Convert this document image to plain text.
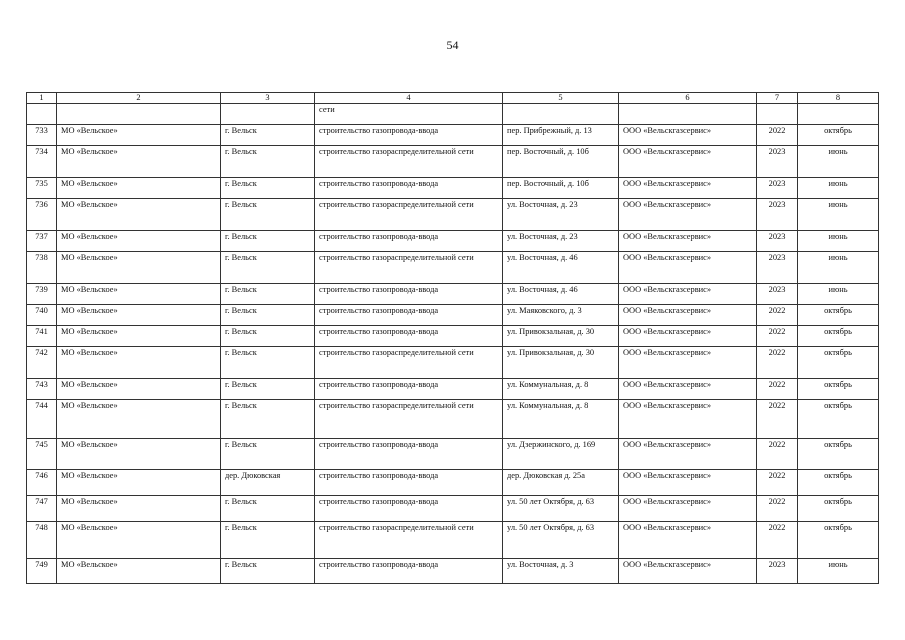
54
1	2	3	4	5	6	7	8
			сети				
733	МО «Вельское»	г. Вельск	строительство газопровода-ввода	пер. Прибрежный, д. 13	ООО «Вельскгазсервис»	2022	октябрь
734	МО «Вельское»	г. Вельск	строительство газораспределительной сети	пер. Восточный, д. 10б	ООО «Вельскгазсервис»	2023	июнь
735	МО «Вельское»	г. Вельск	строительство газопровода-ввода	пер. Восточный, д. 10б	ООО «Вельскгазсервис»	2023	июнь
736	МО «Вельское»	г. Вельск	строительство газораспределительной сети	ул. Восточная, д. 23	ООО «Вельскгазсервис»	2023	июнь
737	МО «Вельское»	г. Вельск	строительство газопровода-ввода	ул. Восточная, д. 23	ООО «Вельскгазсервис»	2023	июнь
738	МО «Вельское»	г. Вельск	строительство газораспределительной сети	ул. Восточная, д. 46	ООО «Вельскгазсервис»	2023	июнь
739	МО «Вельское»	г. Вельск	строительство газопровода-ввода	ул. Восточная, д. 46	ООО «Вельскгазсервис»	2023	июнь
740	МО «Вельское»	г. Вельск	строительство газопровода-ввода	ул. Маяковского, д. 3	ООО «Вельскгазсервис»	2022	октябрь
741	МО «Вельское»	г. Вельск	строительство газопровода-ввода	ул. Привокзальная, д. 30	ООО «Вельскгазсервис»	2022	октябрь
742	МО «Вельское»	г. Вельск	строительство газораспределительной сети	ул. Привокзальная, д. 30	ООО «Вельскгазсервис»	2022	октябрь
743	МО «Вельское»	г. Вельск	строительство газопровода-ввода	ул. Коммунальная, д. 8	ООО «Вельскгазсервис»	2022	октябрь
744	МО «Вельское»	г. Вельск	строительство газораспределительной сети	ул. Коммунальная, д. 8	ООО «Вельскгазсервис»	2022	октябрь
745	МО «Вельское»	г. Вельск	строительство газопровода-ввода	ул. Дзержинского, д. 169	ООО «Вельскгазсервис»	2022	октябрь
746	МО «Вельское»	дер. Дюковская	строительство газопровода-ввода	дер. Дюковская д. 25а	ООО «Вельскгазсервис»	2022	октябрь
747	МО «Вельское»	г. Вельск	строительство газопровода-ввода	ул. 50 лет Октября, д. 63	ООО «Вельскгазсервис»	2022	октябрь
748	МО «Вельское»	г. Вельск	строительство газораспределительной сети	ул. 50 лет Октября, д. 63	ООО «Вельскгазсервис»	2022	октябрь
749	МО «Вельское»	г. Вельск	строительство газопровода-ввода	ул. Восточная, д. 3	ООО «Вельскгазсервис»	2023	июнь
